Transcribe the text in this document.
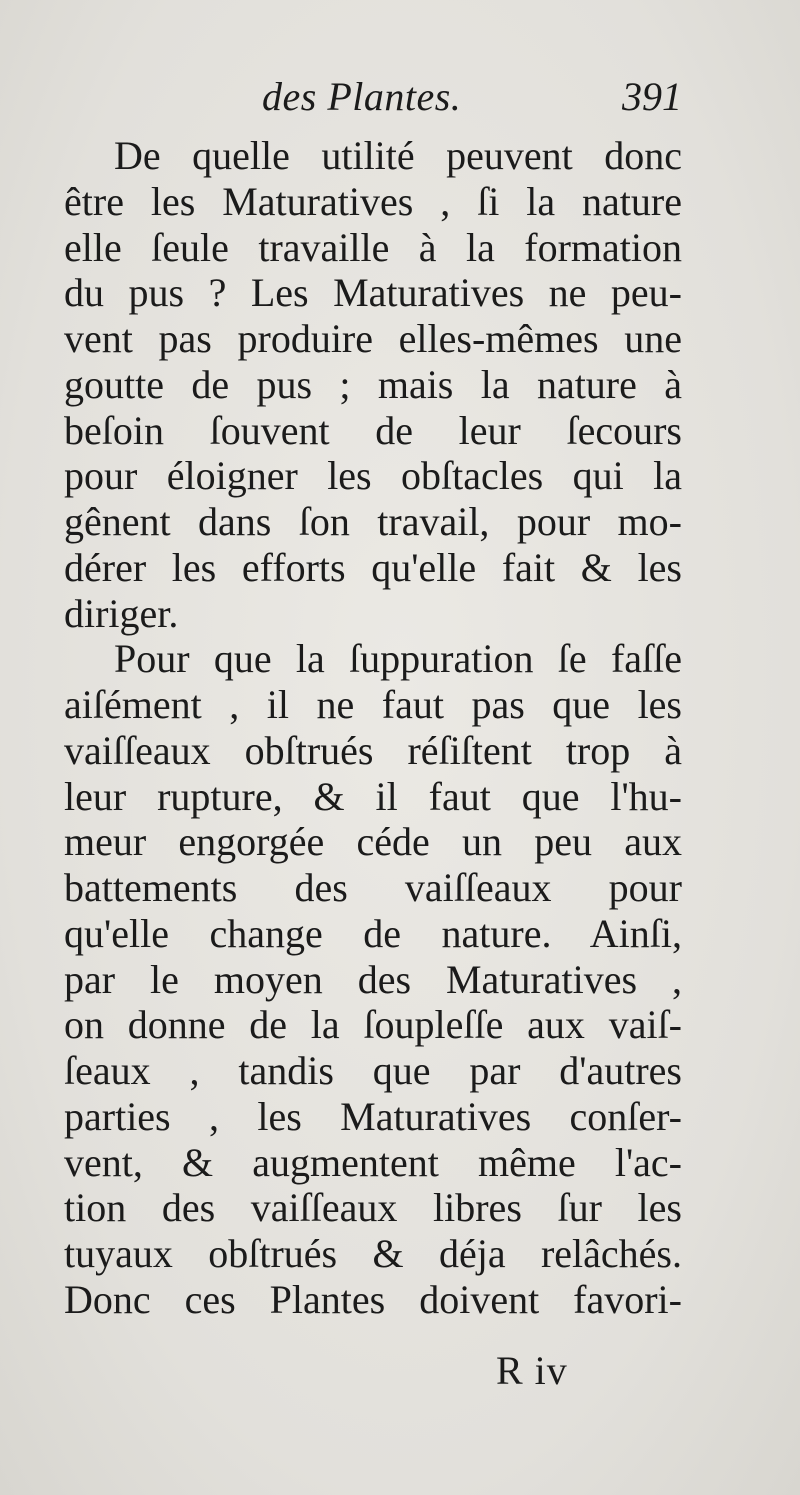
des Plantes.	391
De quelle utilité peuvent donc
être les Maturatives , ſi la nature
elle ſeule travaille à la formation
du pus ? Les Maturatives ne peu-
vent pas produire elles-mêmes une
goutte de pus ; mais la nature à
beſoin ſouvent de leur ſecours
pour éloigner les obſtacles qui la
gênent dans ſon travail, pour mo-
dérer les efforts qu'elle fait & les
diriger.
Pour que la ſuppuration ſe faſſe
aiſément , il ne faut pas que les
vaiſſeaux obſtrués réſiſtent trop à
leur rupture, & il faut que l'hu-
meur engorgée céde un peu aux
battements des vaiſſeaux pour
qu'elle change de nature. Ainſi,
par le moyen des Maturatives ,
on donne de la ſoupleſſe aux vaiſ-
ſeaux , tandis que par d'autres
parties , les Maturatives conſer-
vent, & augmentent même l'ac-
tion des vaiſſeaux libres ſur les
tuyaux obſtrués & déja relâchés.
Donc ces Plantes doivent favori-
R iv
